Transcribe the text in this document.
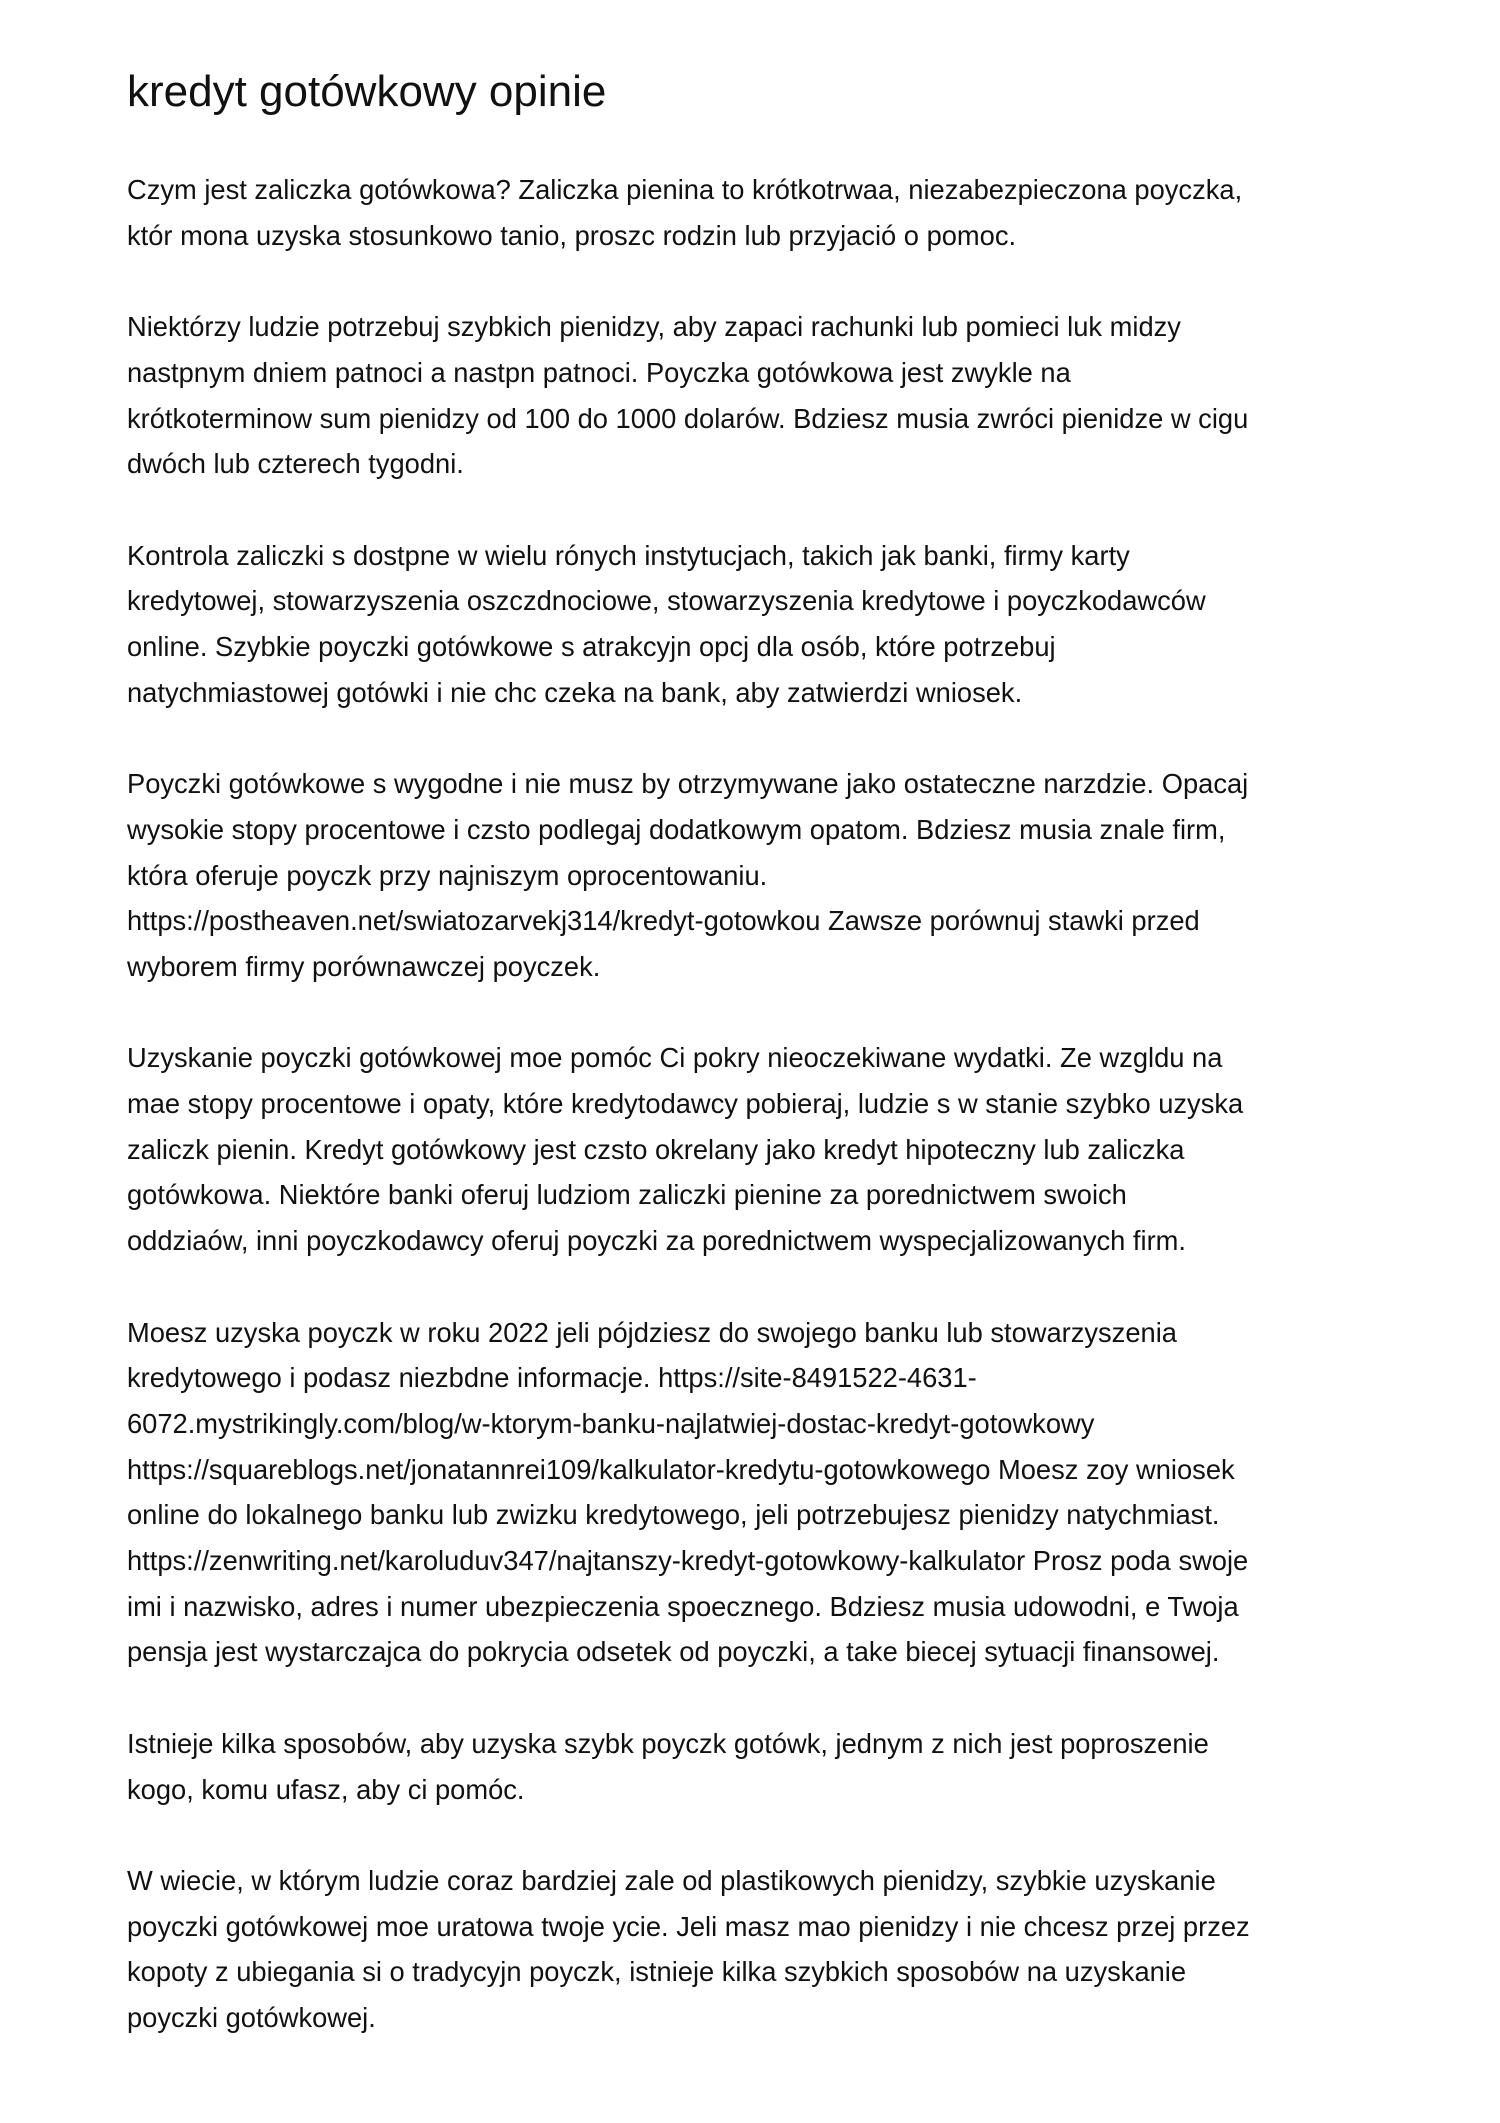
kredyt gotówkowy opinie

Czym jest zaliczka gotówkowa? Zaliczka pienina to krótkotrwaa, niezabezpieczona poyczka,
któr mona uzyska stosunkowo tanio, proszc rodzin lub przyjació o pomoc.

Niektórzy ludzie potrzebuj szybkich pienidzy, aby zapaci rachunki lub pomieci luk midzy
nastpnym dniem patnoci a nastpn patnoci. Poyczka gotówkowa jest zwykle na
krótkoterminow sum pienidzy od 100 do 1000 dolarów. Bdziesz musia zwróci pienidze w cigu
dwóch lub czterech tygodni.

Kontrola zaliczki s dostpne w wielu rónych instytucjach, takich jak banki, firmy karty
kredytowej, stowarzyszenia oszczdnociowe, stowarzyszenia kredytowe i poyczkodawców
online. Szybkie poyczki gotówkowe s atrakcyjn opcj dla osób, które potrzebuj
natychmiastowej gotówki i nie chc czeka na bank, aby zatwierdzi wniosek.

Poyczki gotówkowe s wygodne i nie musz by otrzymywane jako ostateczne narzdzie. Opacaj
wysokie stopy procentowe i czsto podlegaj dodatkowym opatom. Bdziesz musia znale firm,
która oferuje poyczk przy najniszym oprocentowaniu.
https://postheaven.net/swiatozarvekj314/kredyt-gotowkou Zawsze porównuj stawki przed
wyborem firmy porównawczej poyczek.

Uzyskanie poyczki gotówkowej moe pomóc Ci pokry nieoczekiwane wydatki. Ze wzgldu na
mae stopy procentowe i opaty, które kredytodawcy pobieraj, ludzie s w stanie szybko uzyska
zaliczk pienin. Kredyt gotówkowy jest czsto okrelany jako kredyt hipoteczny lub zaliczka
gotówkowa. Niektóre banki oferuj ludziom zaliczki pienine za porednictwem swoich
oddziaów, inni poyczkodawcy oferuj poyczki za porednictwem wyspecjalizowanych firm.

Moesz uzyska poyczk w roku 2022 jeli pójdziesz do swojego banku lub stowarzyszenia
kredytowego i podasz niezbdne informacje. https://site-8491522-4631-
6072.mystrikingly.com/blog/w-ktorym-banku-najlatwiej-dostac-kredyt-gotowkowy
https://squareblogs.net/jonatannrei109/kalkulator-kredytu-gotowkowego Moesz zoy wniosek
online do lokalnego banku lub zwizku kredytowego, jeli potrzebujesz pienidzy natychmiast.
https://zenwriting.net/karoluduv347/najtanszy-kredyt-gotowkowy-kalkulator Prosz poda swoje
imi i nazwisko, adres i numer ubezpieczenia spoecznego. Bdziesz musia udowodni, e Twoja
pensja jest wystarczajca do pokrycia odsetek od poyczki, a take biecej sytuacji finansowej.

Istnieje kilka sposobów, aby uzyska szybk poyczk gotówk, jednym z nich jest poproszenie
kogo, komu ufasz, aby ci pomóc.

W wiecie, w którym ludzie coraz bardziej zale od plastikowych pienidzy, szybkie uzyskanie
poyczki gotówkowej moe uratowa twoje ycie. Jeli masz mao pienidzy i nie chcesz przej przez
kopoty z ubiegania si o tradycyjn poyczk, istnieje kilka szybkich sposobów na uzyskanie
poyczki gotówkowej.
